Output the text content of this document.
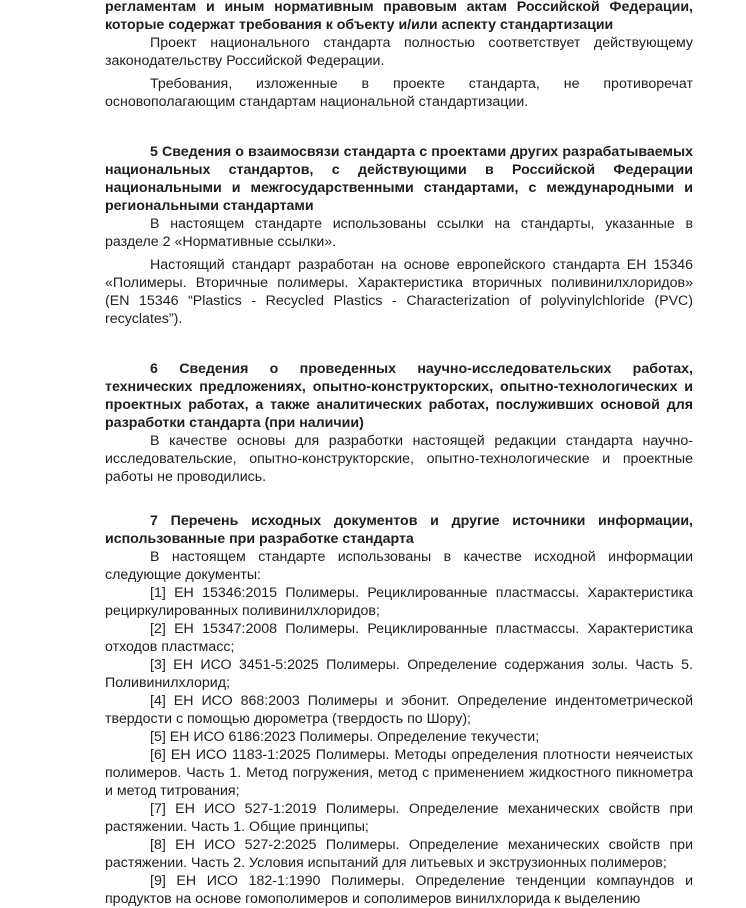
регламентам и иным нормативным правовым актам Российской Федерации, которые содержат требования к объекту и/или аспекту стандартизации

Проект национального стандарта полностью соответствует действующему законодательству Российской Федерации.

Требования, изложенные в проекте стандарта, не противоречат основополагающим стандартам национальной стандартизации.

5 Сведения о взаимосвязи стандарта с проектами других разрабатываемых национальных стандартов, с действующими в Российской Федерации национальными и межгосударственными стандартами, с международными и региональными стандартами

В настоящем стандарте использованы ссылки на стандарты, указанные в разделе 2 «Нормативные ссылки».

Настоящий стандарт разработан на основе европейского стандарта ЕН 15346 «Полимеры. Вторичные полимеры. Характеристика вторичных поливинилхлоридов» (EN 15346 “Plastics - Recycled Plastics - Characterization of polyvinylchloride (PVC) recyclates”).

6 Сведения о проведенных научно-исследовательских работах, технических предложениях, опытно-конструкторских, опытно-технологических и проектных работах, а также аналитических работах, послуживших основой для разработки стандарта (при наличии)

В качестве основы для разработки настоящей редакции стандарта научно-исследовательские, опытно-конструкторские, опытно-технологические и проектные работы не проводились.

7 Перечень исходных документов и другие источники информации, использованные при разработке стандарта

В настоящем стандарте использованы в качестве исходной информации следующие документы:

[1] ЕН 15346:2015 Полимеры. Рециклированные пластмассы. Характеристика рециркулированных поливинилхлоридов;

[2] ЕН 15347:2008 Полимеры. Рециклированные пластмассы. Характеристика отходов пластмасс;

[3] ЕН ИСО 3451-5:2025 Полимеры. Определение содержания золы. Часть 5. Поливинилхлорид;

[4] ЕН ИСО 868:2003 Полимеры и эбонит. Определение индентометрической твердости с помощью дюрометра (твердость по Шору);

[5] ЕН ИСО 6186:2023 Полимеры. Определение текучести;

[6] ЕН ИСО 1183-1:2025 Полимеры. Методы определения плотности неячеистых полимеров. Часть 1. Метод погружения, метод с применением жидкостного пикнометра и метод титрования;

[7] ЕН ИСО 527-1:2019 Полимеры. Определение механических свойств при растяжении. Часть 1. Общие принципы;

[8] ЕН ИСО 527-2:2025 Полимеры. Определение механических свойств при растяжении. Часть 2. Условия испытаний для литьевых и экструзионных полимеров;

[9] ЕН ИСО 182-1:1990 Полимеры. Определение тенденции компаундов и продуктов на основе гомополимеров и сополимеров винилхлорида к выделению
